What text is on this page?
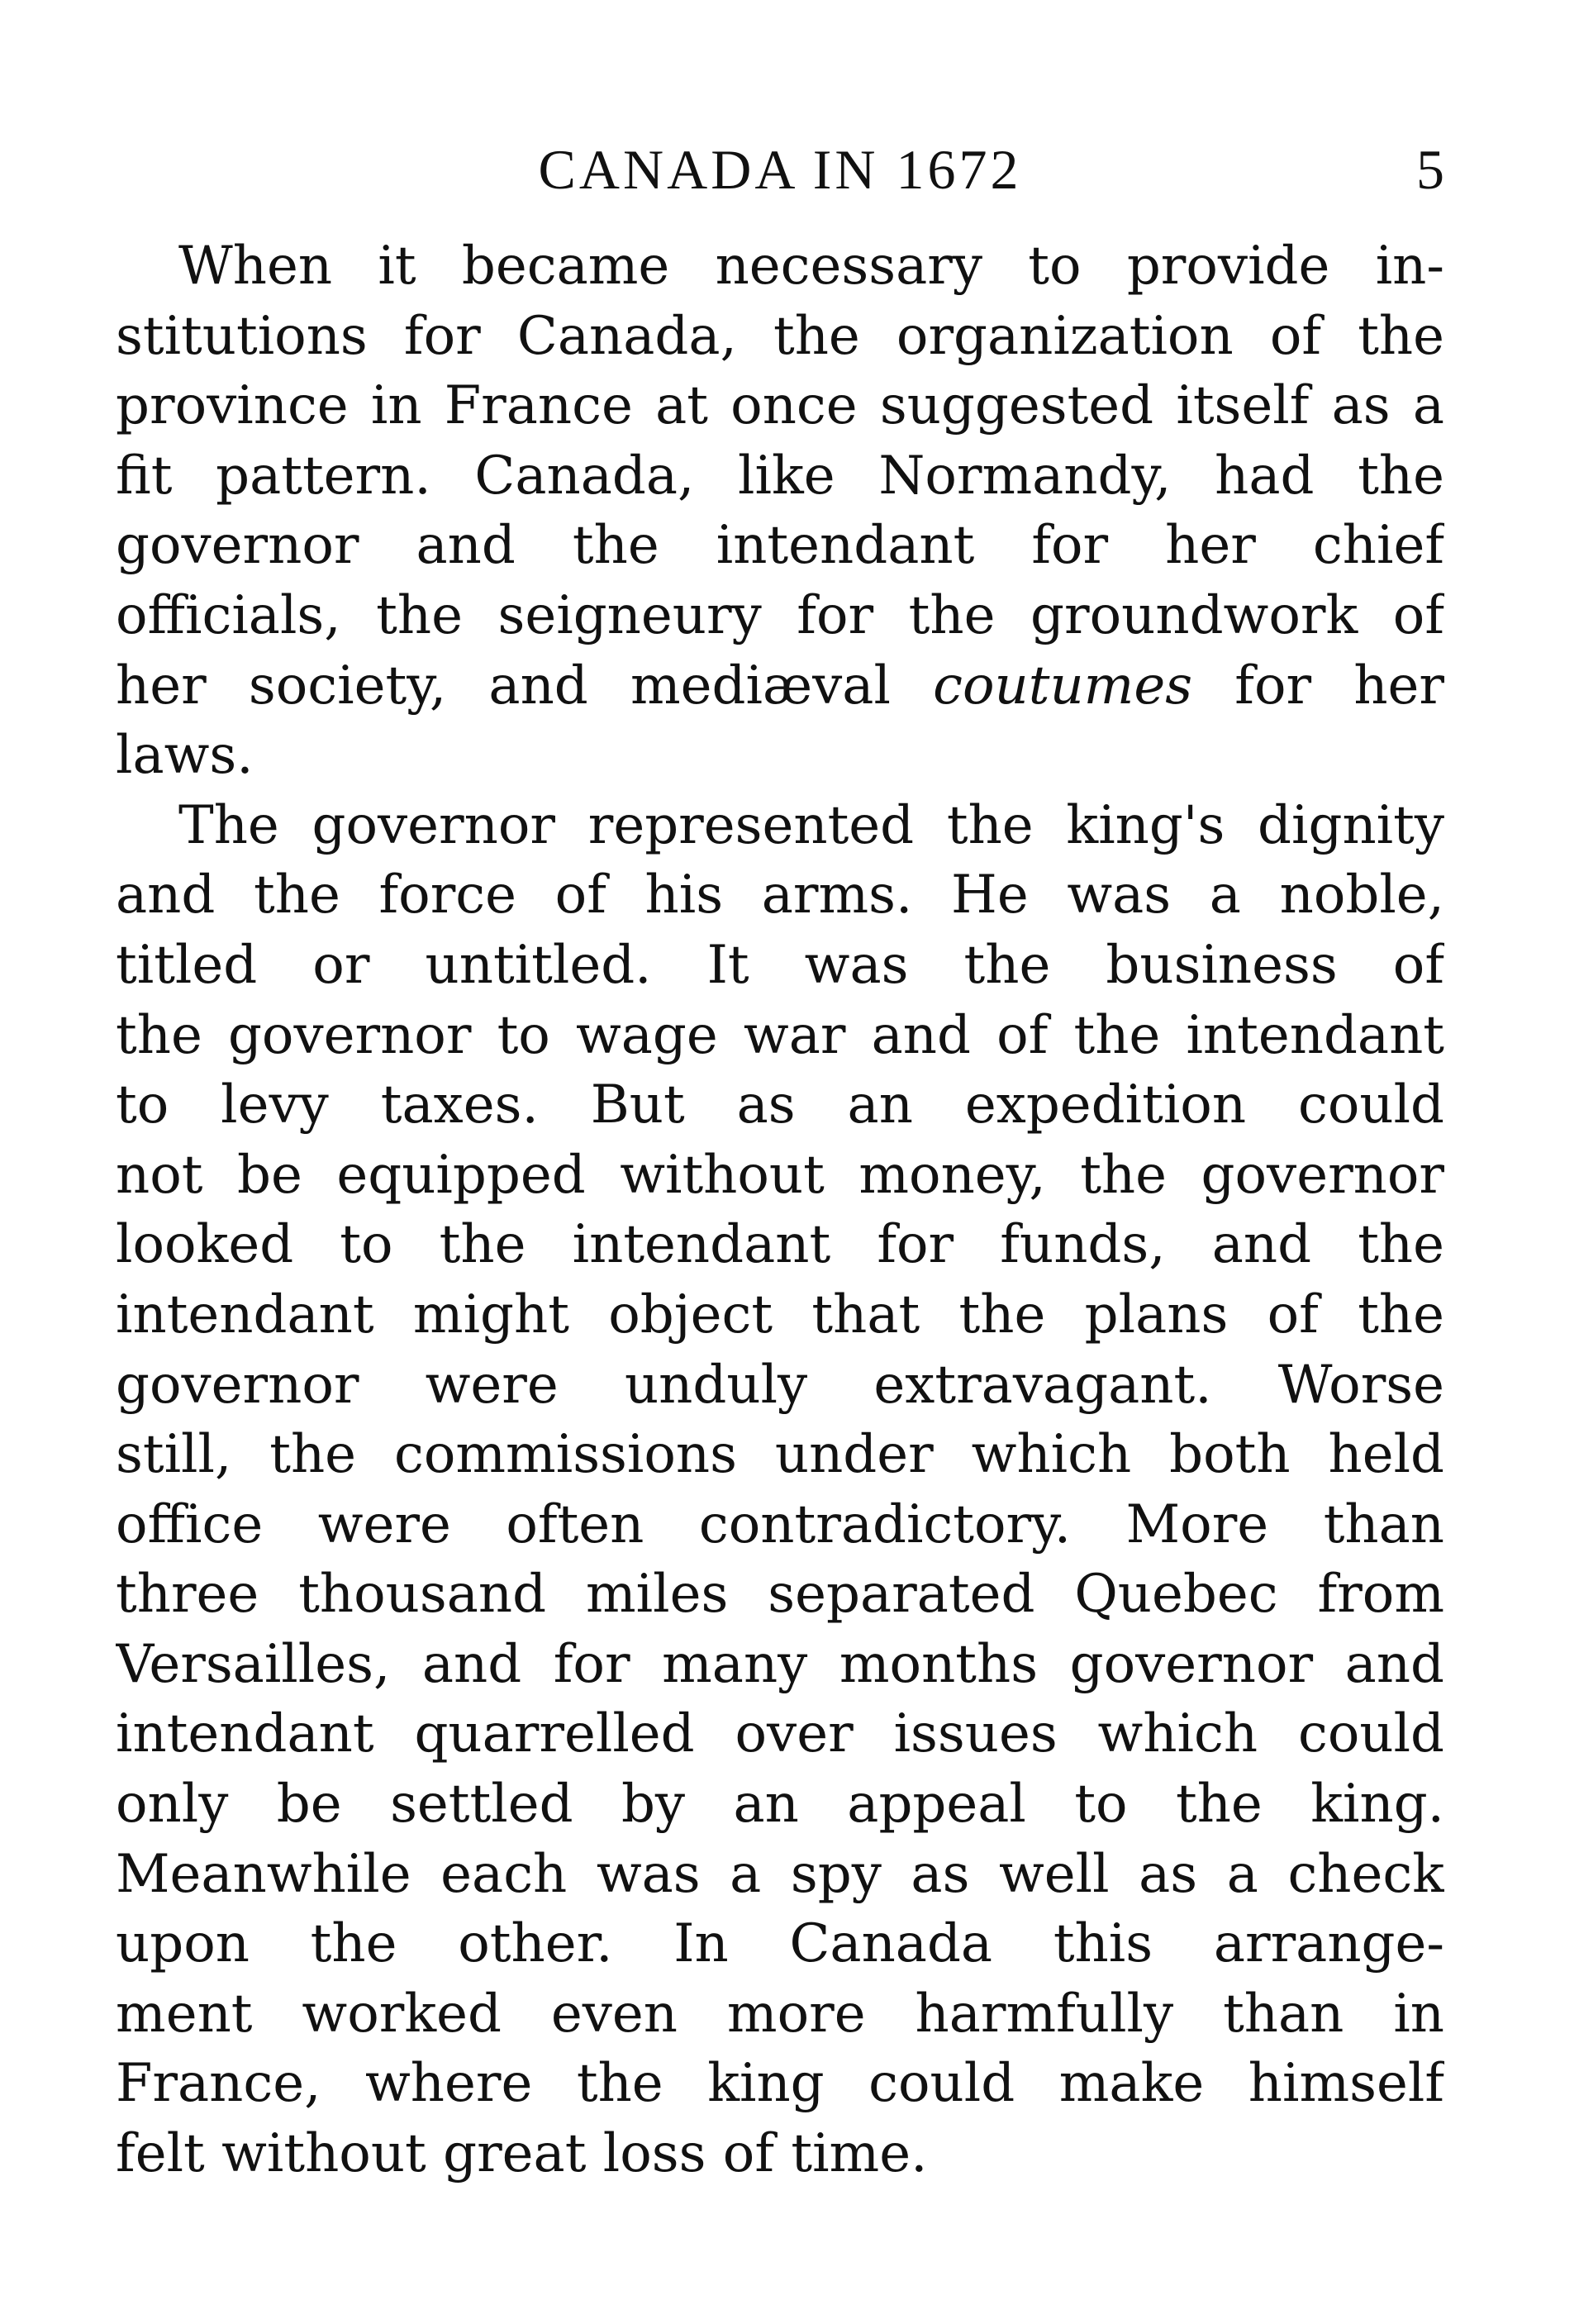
CANADA IN 1672	5
When it became necessary to provide in-
stitutions for Canada, the organization of the
province in France at once suggested itself as a
fit pattern. Canada, like Normandy, had the
governor and the intendant for her chief
officials, the seigneury for the groundwork of
her society, and mediæval coutumes for her
laws.
The governor represented the king's dignity
and the force of his arms. He was a noble,
titled or untitled. It was the business of
the governor to wage war and of the intendant
to levy taxes. But as an expedition could
not be equipped without money, the governor
looked to the intendant for funds, and the
intendant might object that the plans of the
governor were unduly extravagant. Worse
still, the commissions under which both held
office were often contradictory. More than
three thousand miles separated Quebec from
Versailles, and for many months governor and
intendant quarrelled over issues which could
only be settled by an appeal to the king.
Meanwhile each was a spy as well as a check
upon the other. In Canada this arrange-
ment worked even more harmfully than in
France, where the king could make himself
felt without great loss of time.
